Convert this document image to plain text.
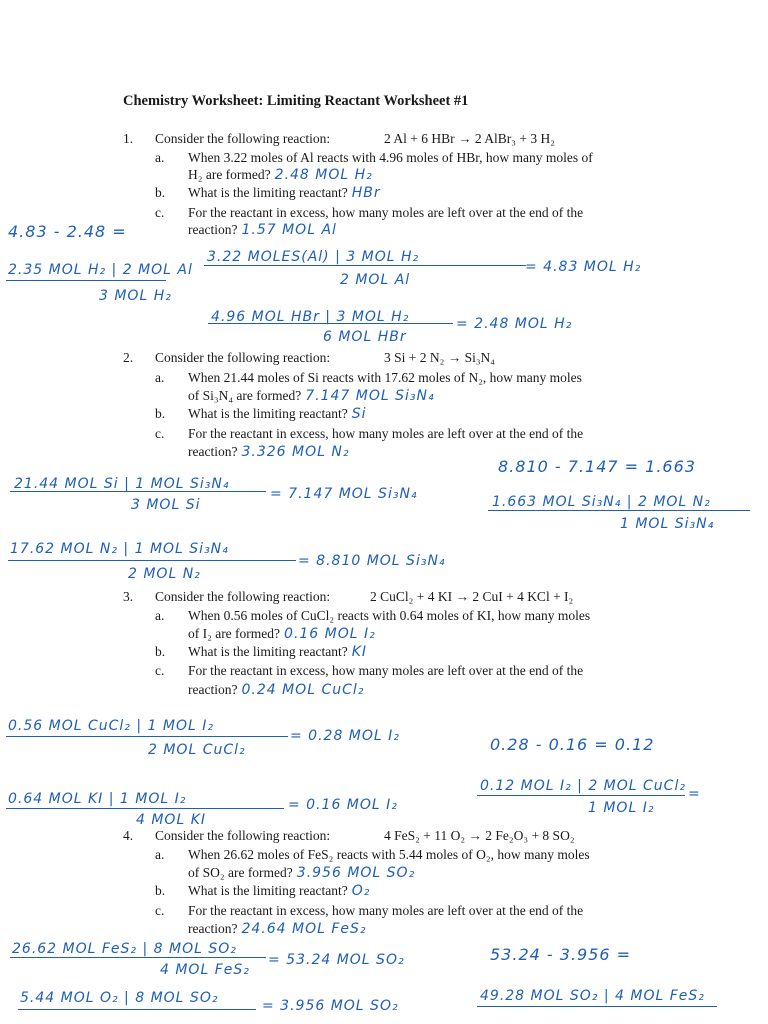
Chemistry Worksheet: Limiting Reactant Worksheet #1
1. Consider the following reaction:	2 Al + 6 HBr → 2 AlBr₃ + 3 H₂
a. When 3.22 moles of Al reacts with 4.96 moles of HBr, how many moles of
H₂ are formed? 2.48 MOL H₂
b. What is the limiting reactant? HBr
c. For the reactant in excess, how many moles are left over at the end of the
reaction? 1.57 MOL Al
4.83 - 2.48 =
3.22 MOLES(Al) | 3 MOL H₂
2 MOL Al
= 4.83 MOL H₂
2.35 MOL H₂ | 2 MOL Al
3 MOL H₂
4.96 MOL HBr | 3 MOL H₂
6 MOL HBr
= 2.48 MOL H₂
2. Consider the following reaction:	3 Si + 2 N₂ → Si₃N₄
a. When 21.44 moles of Si reacts with 17.62 moles of N₂, how many moles
of Si₃N₄ are formed? 7.147 MOL Si₃N₄
b. What is the limiting reactant? Si
c. For the reactant in excess, how many moles are left over at the end of the
reaction? 3.326 MOL N₂
8.810 - 7.147 = 1.663
21.44 MOL Si | 1 MOL Si₃N₄
3 MOL Si
= 7.147 MOL Si₃N₄	1.663 MOL Si₃N₄ | 2 MOL N₂
1 MOL Si₃N₄
17.62 MOL N₂ | 1 MOL Si₃N₄
2 MOL N₂
= 8.810 MOL Si₃N₄
3. Consider the following reaction:	2 CuCl₂ + 4 KI → 2 CuI + 4 KCl + I₂
a. When 0.56 moles of CuCl₂ reacts with 0.64 moles of KI, how many moles
of I₂ are formed? 0.16 MOL I₂
b. What is the limiting reactant? KI
c. For the reactant in excess, how many moles are left over at the end of the
reaction? 0.24 MOL CuCl₂
0.56 MOL CuCl₂ | 1 MOL I₂
2 MOL CuCl₂
= 0.28 MOL I₂	0.28 - 0.16 = 0.12
0.12 MOL I₂ | 2 MOL CuCl₂
1 MOL I₂
=
0.64 MOL KI | 1 MOL I₂
4 MOL KI
= 0.16 MOL I₂
4. Consider the following reaction:	4 FeS₂ + 11 O₂ → 2 Fe₂O₃ + 8 SO₂
a. When 26.62 moles of FeS₂ reacts with 5.44 moles of O₂, how many moles
of SO₂ are formed? 3.956 MOL SO₂
b. What is the limiting reactant? O₂
c. For the reactant in excess, how many moles are left over at the end of the
reaction? 24.64 MOL FeS₂
26.62 MOL FeS₂ | 8 MOL SO₂
4 MOL FeS₂
= 53.24 MOL SO₂	53.24 - 3.956 =
5.44 MOL O₂ | 8 MOL SO₂	= 3.956 MOL SO₂
49.28 MOL SO₂ | 4 MOL FeS₂
